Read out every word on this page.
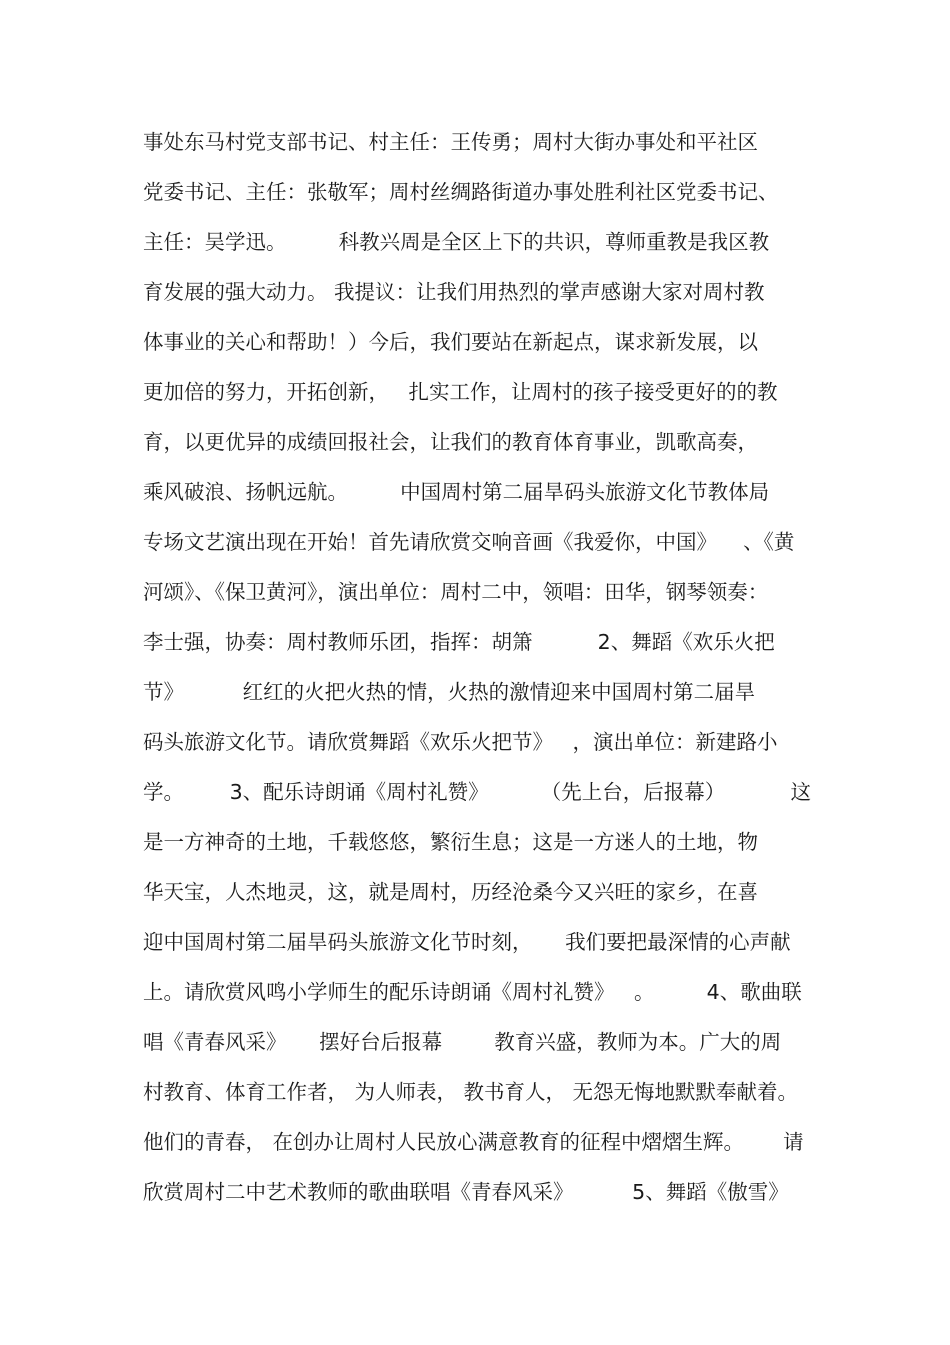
事处东马村党支部书记、村主任：王传勇；周村大街办事处和平社区
党委书记、主任：张敬军；周村丝绸路街道办事处胜利社区党委书记、
主任：吴学迅。        科教兴周是全区上下的共识，尊师重教是我区教
育发展的强大动力。 我提议：让我们用热烈的掌声感谢大家对周村教
体事业的关心和帮助！）今后，我们要站在新起点，谋求新发展，以
更加倍的努力，开拓创新，   扎实工作，让周村的孩子接受更好的的教
育，以更优异的成绩回报社会，让我们的教育体育事业，凯歌高奏，
乘风破浪、扬帆远航。        中国周村第二届旱码头旅游文化节教体局
专场文艺演出现在开始！首先请欣赏交响音画《我爱你，中国》    、《黄
河颂》、《保卫黄河》，演出单位：周村二中，领唱：田华，钢琴领奏：
李士强，协奏：周村教师乐团，指挥：胡箫          2、舞蹈《欢乐火把
节》         红红的火把火热的情，火热的激情迎来中国周村第二届旱
码头旅游文化节。请欣赏舞蹈《欢乐火把节》   ，演出单位：新建路小
学。       3、配乐诗朗诵《周村礼赞》        （先上台，后报幕）          这
是一方神奇的土地，千载悠悠，繁衍生息；这是一方迷人的土地，物
华天宝，人杰地灵，这，就是周村，历经沧桑今又兴旺的家乡，在喜
迎中国周村第二届旱码头旅游文化节时刻，     我们要把最深情的心声献
上。请欣赏风鸣小学师生的配乐诗朗诵《周村礼赞》   。        4、歌曲联
唱《青春风采》     摆好台后报幕        教育兴盛，教师为本。广大的周
村教育、体育工作者， 为人师表， 教书育人， 无怨无悔地默默奉献着。
他们的青春， 在创办让周村人民放心满意教育的征程中熠熠生辉。      请
欣赏周村二中艺术教师的歌曲联唱《青春风采》         5、舞蹈《傲雪》
